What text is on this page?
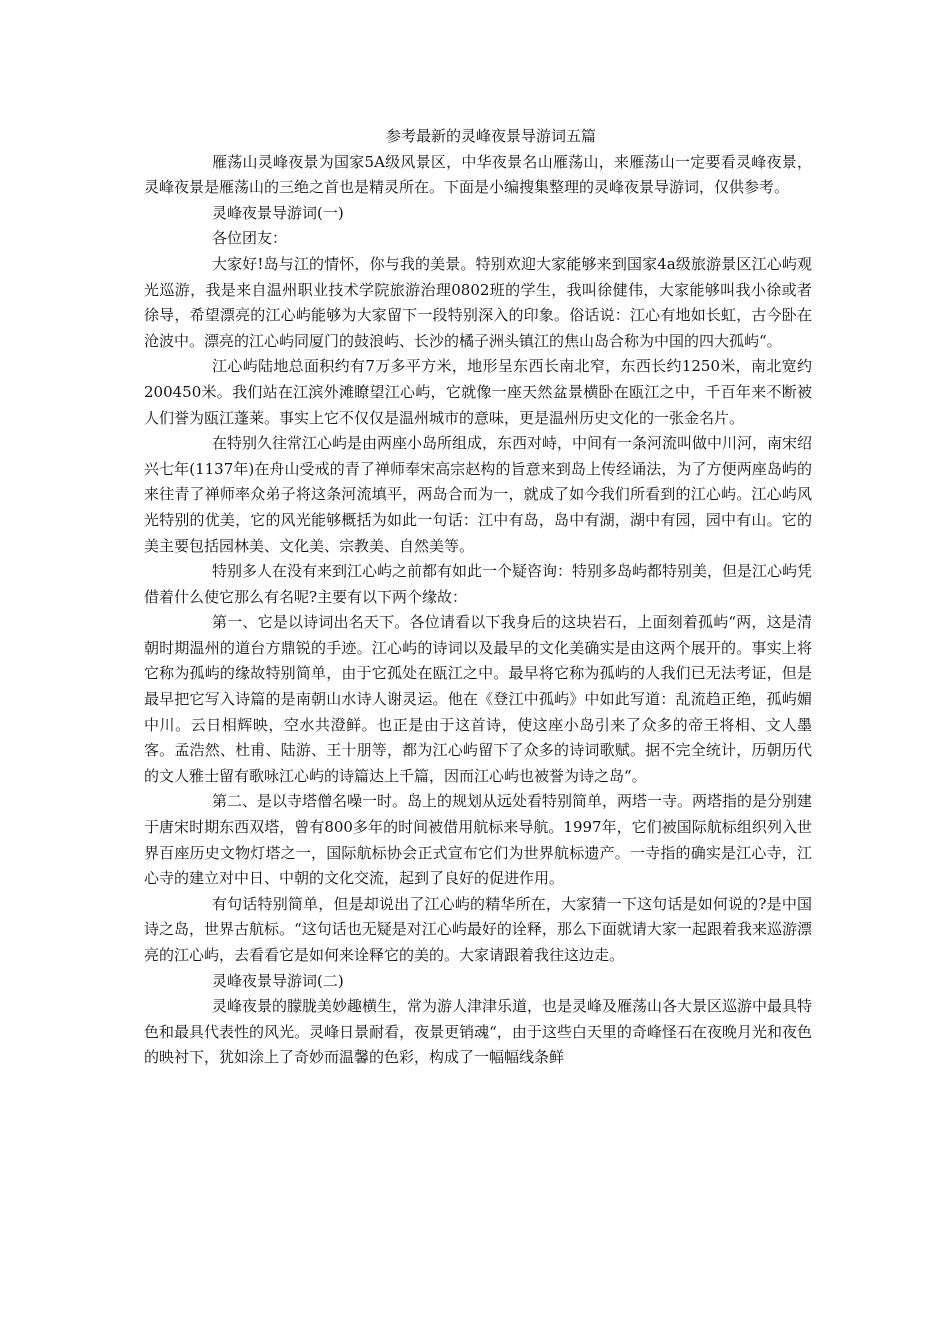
参考最新的灵峰夜景导游词五篇

雁荡山灵峰夜景为国家5A级风景区，中华夜景名山雁荡山，来雁荡山一定要看灵峰夜景，灵峰夜景是雁荡山的三绝之首也是精灵所在。下面是小编搜集整理的灵峰夜景导游词，仅供参考。

灵峰夜景导游词(一)

各位团友：

大家好!岛与江的情怀，你与我的美景。特别欢迎大家能够来到国家4a级旅游景区江心屿观光巡游，我是来自温州职业技术学院旅游治理0802班的学生，我叫徐健伟，大家能够叫我小徐或者徐导，希望漂亮的江心屿能够为大家留下一段特别深入的印象。俗话说：江心有地如长虹，古今卧在沧波中。漂亮的江心屿同厦门的鼓浪屿、长沙的橘子洲头镇江的焦山岛合称为中国的四大孤屿“。

江心屿陆地总面积约有7万多平方米，地形呈东西长南北窄，东西长约1250米，南北宽约200450米。我们站在江滨外滩瞭望江心屿，它就像一座天然盆景横卧在瓯江之中，千百年来不断被人们誉为瓯江蓬莱。事实上它不仅仅是温州城市的意味，更是温州历史文化的一张金名片。

在特别久往常江心屿是由两座小岛所组成，东西对峙，中间有一条河流叫做中川河，南宋绍兴七年(1137年)在舟山受戒的青了禅师奉宋高宗赵构的旨意来到岛上传经诵法，为了方便两座岛屿的来往青了禅师率众弟子将这条河流填平，两岛合而为一，就成了如今我们所看到的江心屿。江心屿风光特别的优美，它的风光能够概括为如此一句话：江中有岛，岛中有湖，湖中有园，园中有山。它的美主要包括园林美、文化美、宗教美、自然美等。

特别多人在没有来到江心屿之前都有如此一个疑咨询：特别多岛屿都特别美，但是江心屿凭借着什么使它那么有名呢?主要有以下两个缘故：

第一、它是以诗词出名天下。各位请看以下我身后的这块岩石，上面刻着孤屿“两，这是清朝时期温州的道台方鼎锐的手迹。江心屿的诗词以及最早的文化美确实是由这两个展开的。事实上将它称为孤屿的缘故特别简单，由于它孤处在瓯江之中。最早将它称为孤屿的人我们已无法考证，但是最早把它写入诗篇的是南朝山水诗人谢灵运。他在《登江中孤屿》中如此写道：乱流趋正绝，孤屿媚中川。云日相辉映，空水共澄鲜。也正是由于这首诗，使这座小岛引来了众多的帝王将相、文人墨客。孟浩然、杜甫、陆游、王十朋等，都为江心屿留下了众多的诗词歌赋。据不完全统计，历朝历代的文人雅士留有歌咏江心屿的诗篇达上千篇，因而江心屿也被誉为诗之岛“。

第二、是以寺塔僧名噪一时。岛上的规划从远处看特别简单，两塔一寺。两塔指的是分别建于唐宋时期东西双塔，曾有800多年的时间被借用航标来导航。1997年，它们被国际航标组织列入世界百座历史文物灯塔之一，国际航标协会正式宣布它们为世界航标遗产。一寺指的确实是江心寺，江心寺的建立对中日、中朝的文化交流，起到了良好的促进作用。

有句话特别简单，但是却说出了江心屿的精华所在，大家猜一下这句话是如何说的?是中国诗之岛，世界古航标。“这句话也无疑是对江心屿最好的诠释，那么下面就请大家一起跟着我来巡游漂亮的江心屿，去看看它是如何来诠释它的美的。大家请跟着我往这边走。

灵峰夜景导游词(二)

灵峰夜景的朦胧美妙趣横生，常为游人津津乐道，也是灵峰及雁荡山各大景区巡游中最具特色和最具代表性的风光。灵峰日景耐看，夜景更销魂“，由于这些白天里的奇峰怪石在夜晚月光和夜色的映衬下，犹如涂上了奇妙而温馨的色彩，构成了一幅幅线条鲜
